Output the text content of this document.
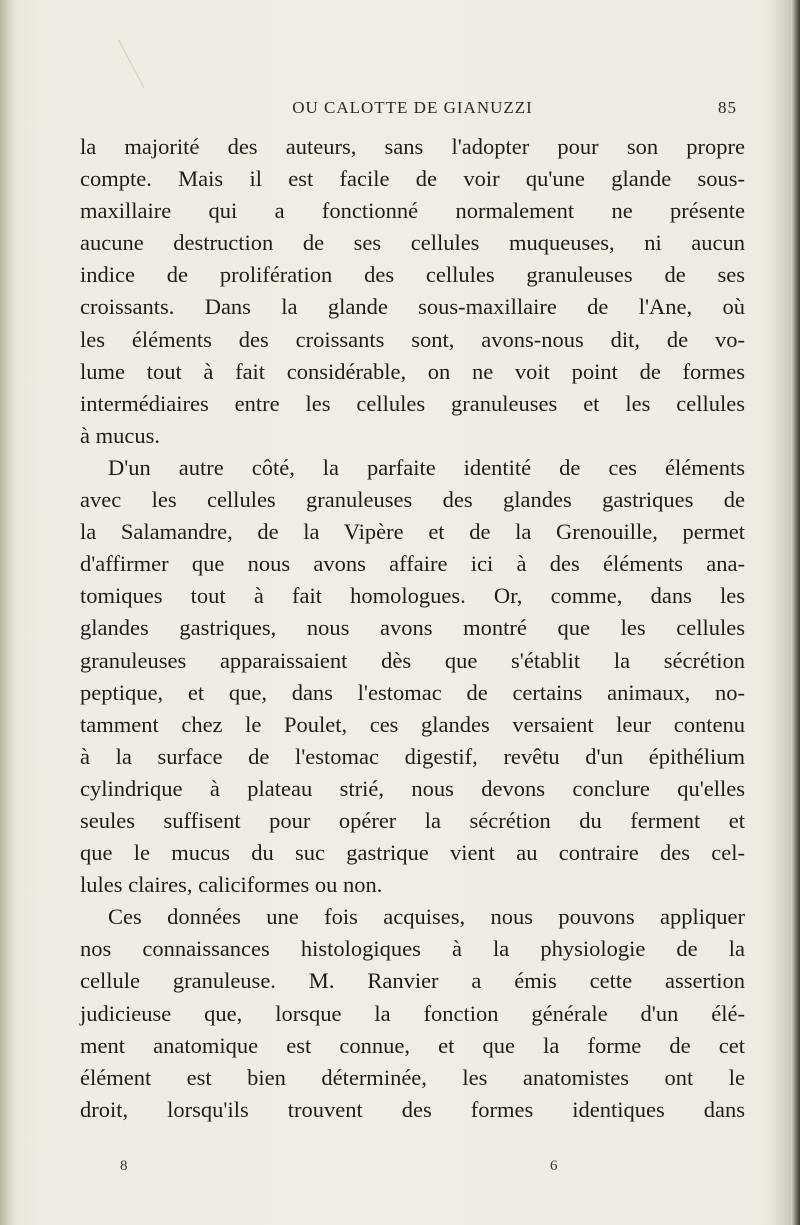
OU CALOTTE DE GIANUZZI	85
la majorité des auteurs, sans l'adopter pour son propre
compte. Mais il est facile de voir qu'une glande sous-
maxillaire qui a fonctionné normalement ne présente
aucune destruction de ses cellules muqueuses, ni aucun
indice de prolifération des cellules granuleuses de ses
croissants. Dans la glande sous-maxillaire de l'Ane, où
les éléments des croissants sont, avons-nous dit, de vo-
lume tout à fait considérable, on ne voit point de formes
intermédiaires entre les cellules granuleuses et les cellules
à mucus.
D'un autre côté, la parfaite identité de ces éléments
avec les cellules granuleuses des glandes gastriques de
la Salamandre, de la Vipère et de la Grenouille, permet
d'affirmer que nous avons affaire ici à des éléments ana-
tomiques tout à fait homologues. Or, comme, dans les
glandes gastriques, nous avons montré que les cellules
granuleuses apparaissaient dès que s'établit la sécrétion
peptique, et que, dans l'estomac de certains animaux, no-
tamment chez le Poulet, ces glandes versaient leur contenu
à la surface de l'estomac digestif, revêtu d'un épithélium
cylindrique à plateau strié, nous devons conclure qu'elles
seules suffisent pour opérer la sécrétion du ferment et
que le mucus du suc gastrique vient au contraire des cel-
lules claires, caliciformes ou non.
Ces données une fois acquises, nous pouvons appliquer
nos connaissances histologiques à la physiologie de la
cellule granuleuse. M. Ranvier a émis cette assertion
judicieuse que, lorsque la fonction générale d'un élé-
ment anatomique est connue, et que la forme de cet
élément est bien déterminée, les anatomistes ont le
droit, lorsqu'ils trouvent des formes identiques dans
8	6
